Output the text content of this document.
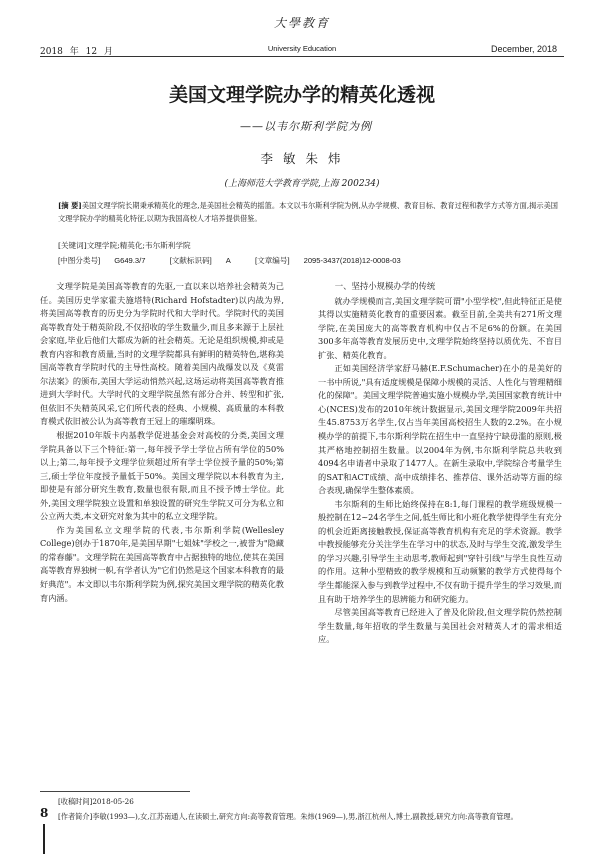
大學教育
2018 年 12 月	University Education	December, 2018
美国文理学院办学的精英化透视
——以韦尔斯利学院为例
李 敏 朱 炜
(上海师范大学教育学院,上海 200234)

[摘 要]美国文理学院长期秉承精英化的理念,是美国社会精英的摇篮。本文以韦尔斯利学院为例,从办学规模、教育目标、教育过程和教学方式等方面,揭示美国文理学院办学的精英化特征,以期为我国高校人才培养提供借鉴。

[关键词]文理学院;精英化;韦尔斯利学院

[中图分类号] G649.3/7	[文献标识码] A	[文章编号] 2095-3437(2018)12-0008-03

文理学院是美国高等教育的先驱,一直以来以培养社会精英为己任。美国历史学家霍夫施塔特(Richard Hofstadter)以内战为界,将美国高等教育的历史分为学院时代和大学时代。学院时代的美国高等教育处于精英阶段,不仅招收的学生数量少,而且多来源于上层社会家庭,毕业后他们大都成为新的社会精英。无论是组织规模,抑或是教育内容和教育质量,当时的文理学院都具有鲜明的精英特色,堪称美国高等教育学院时代的主导性高校。随着美国内战爆发以及《莫雷尔法案》的颁布,美国大学运动悄然兴起,这场运动将美国高等教育推进到大学时代。大学时代的文理学院虽然有部分合并、转型和扩张,但依旧不失精英风采,它们所代表的经典、小规模、高质量的本科教育模式依旧被公认为高等教育王冠上的璀璨明珠。

根据2010年版卡内基教学促进基金会对高校的分类,美国文理学院具备以下三个特征:第一,每年授予学士学位占所有学位的50%以上;第二,每年授予文理学位须超过所有学士学位授予量的50%;第三,硕士学位年度授予量低于50%。美国文理学院以本科教育为主,即使是有部分研究生教育,数量也很有限,而且不授予博士学位。此外,美国文理学院独立设置和单独设置的研究生学院又可分为私立和公立两大类,本文研究对象为其中的私立文理学院。

作为美国私立文理学院的代表,韦尔斯利学院(Wellesley College)创办于1870年,是美国早期"七姐妹"学校之一,被誉为"隐藏的常春藤"。文理学院在美国高等教育中占据独特的地位,使其在美国高等教育界独树一帜,有学者认为"它们仍然是这个国家本科教育的最好典范"。本文即以韦尔斯利学院为例,探究美国文理学院的精英化教育内涵。

一、坚持小规模办学的传统

就办学规模而言,美国文理学院可谓"小型学校",但此特征正是使其得以实施精英化教育的重要因素。截至目前,全美共有271所文理学院,在美国庞大的高等教育机构中仅占不足6%的份额。在美国300多年高等教育发展历史中,文理学院始终坚持以质优先、不盲目扩张、精英化教育。

正如美国经济学家舒马赫(E.F.Schumacher)在小的是美好的一书中所说,"具有适度规模是保障小规模的灵活、人性化与管理精细化的保障"。美国文理学院普遍实施小规模办学,美国国家教育统计中心(NCES)发布的2010年统计数据显示,美国文理学院2009年共招生45.8753万名学生,仅占当年美国高校招生人数的2.2%。在小规模办学的前提下,韦尔斯利学院在招生中一直坚持宁缺毋滥的原则,极其严格地控制招生数量。以2004年为例,韦尔斯利学院总共收到4094名申请者中录取了1477人。在新生录取中,学院综合考量学生的SAT和ACT成绩、高中成绩排名、推荐信、课外活动等方面的综合表现,确保学生整体素质。

韦尔斯利的生师比始终保持在8:1,每门课程的教学班级规模一般控制在12~24名学生之间,低生师比和小班化教学使得学生有充分的机会近距离接触教授,保证高等教育机构有充足的学术资源。教学中教授能够充分关注学生在学习中的状态,及时与学生交流,激发学生的学习兴趣,引导学生主动思考,教师起到"穿针引线"与学生良性互动的作用。这种小型精致的教学规模和互动频繁的教学方式使得每个学生都能深入参与到教学过程中,不仅有助于提升学生的学习效果,而且有助于培养学生的思辨能力和研究能力。

尽管美国高等教育已经进入了普及化阶段,但文理学院仍然控制学生数量,每年招收的学生数量与美国社会对精英人才的需求相适应。

[收稿时间]2018-05-26

[作者简介]李敏(1993—),女,江苏南通人,在读硕士,研究方向:高等教育管理。朱炜(1969—),男,浙江杭州人,博士,副教授,研究方向:高等教育管理。

8
